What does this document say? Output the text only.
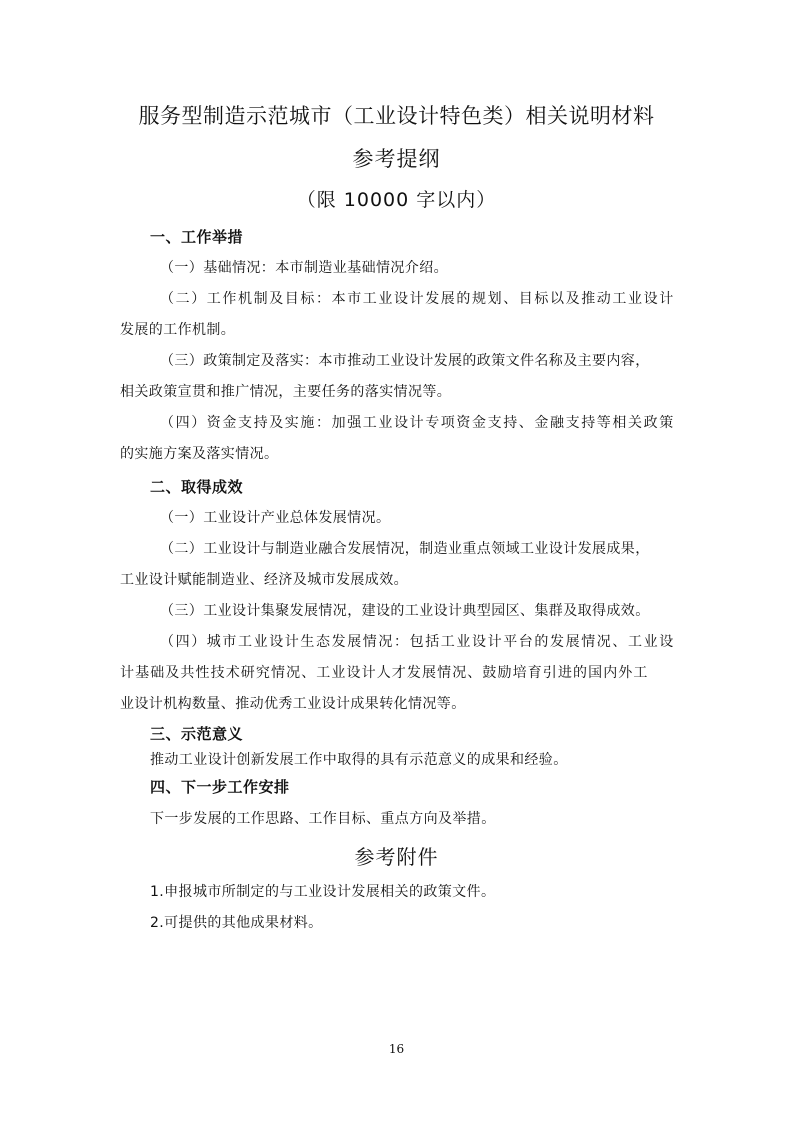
服务型制造示范城市（工业设计特色类）相关说明材料
参考提纲
（限 10000 字以内）
一、工作举措
（一）基础情况：本市制造业基础情况介绍。
（二）工作机制及目标：本市工业设计发展的规划、目标以及推动工业设计
发展的工作机制。
（三）政策制定及落实：本市推动工业设计发展的政策文件名称及主要内容，
相关政策宣贯和推广情况，主要任务的落实情况等。
（四）资金支持及实施：加强工业设计专项资金支持、金融支持等相关政策
的实施方案及落实情况。
二、取得成效
（一）工业设计产业总体发展情况。
（二）工业设计与制造业融合发展情况，制造业重点领域工业设计发展成果，
工业设计赋能制造业、经济及城市发展成效。
（三）工业设计集聚发展情况，建设的工业设计典型园区、集群及取得成效。
（四）城市工业设计生态发展情况：包括工业设计平台的发展情况、工业设
计基础及共性技术研究情况、工业设计人才发展情况、鼓励培育引进的国内外工
业设计机构数量、推动优秀工业设计成果转化情况等。
三、示范意义
推动工业设计创新发展工作中取得的具有示范意义的成果和经验。
四、下一步工作安排
下一步发展的工作思路、工作目标、重点方向及举措。
参考附件
1.申报城市所制定的与工业设计发展相关的政策文件。
2.可提供的其他成果材料。
16
